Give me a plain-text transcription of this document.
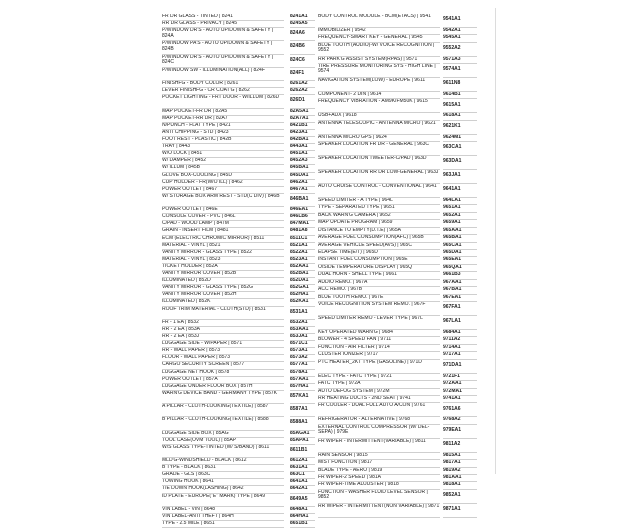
FR DR GLASS - TINTED | 8241
RR DR GLASS - PRIVACY | 8245
P/WINDOW DR'S - AUTO UP/DOWN & SAFETY | 824A
P/WINDOW PA'S - AUTO UP/DOWN & SAFETY | 824B
P/WINDOW DR'S - AUTO UP/DOWN & SAFETY | 824C
P/WINDOW SW - ILLUMINATION(ALL) | 824F
FINISHFG - BODY COLOR | 8261
LEVER FINISHFG - CR COAT'G | 8262
POCKET LIGHTING - FRT DOOR - W/ILLUM | 826D
MAP POCKET-FR DR | 82A5
MAP POCKET-RR DR | 82A7
N/PUNCH - FLAT TYPE | 8421
ANTI CHIPPING - STD | 8423
FOOT REST - PLASTIC | 842B
TRAY | 8443
W/O LOCK | 8451
W/ DAMPER | 8452
W/ ILLUM | 845B
GLOVE BOX-COOLING | 845D
CUP HOLDER - FR(W/O ILL) | 8462
POWER OUTLET | 8467
W/ STORAGE BOX ARM REST - STD(C DIV) | 846B
POWER OUTLET | 846E
CONSOLE COVER - PVC | 846L
C/PAD - WOOD LAMP | 847M
GRAIN - INSERT FILM | 8481
ECM (ELECTRIC CHROMIC MIRROR) | 8511
MATERIAL - VINYL | 8521
VANITY MIRROR - GLASS TYPE | 8522
MATERIAL - VINYL | 8523
TICKET HOLDER | 852A
VANITY MIRROR COVER | 852B
ILLUMINATED | 852D
VANITY MIRROR - GLASS TYPE | 852G
VANITY MIRROR COVER | 852H
ILLUMINATED | 852K
ROOF TRIM MATERIAL - CLOTH(STD) | 8531
FR - 1 EA | 8532
RR - 2 EA | 853A
RR - 2 EA | 853J
LUGGAGE SIDE - W/PAPER | 8571
RR - WALL PAPER | 8573
FLOOR - WALL PAPER | 8573
CARGO SECURITY SCREEN | 8577
LUGGAGE NET HOOK | 8578
POWER OUTLET | 857A
LUGGAGE UNDER FLOOR BOX | 857H
WARN'G DEVICE BAND - GERMANY TYPE | 857K
A PILLAR - CLOTH-LOOKING(TEXTILE) | 8587
B PILLAR - CLOTH-LOOKING(TEXTILE) | 8588
LUGGAGE SIDE BOX | 85AG
TOOL CASE(OVM TOOL) | 85AP
W/S GLASS TYPE-TINTED (W/ S/BAND) | 8611
MLD'G-WINDSHIELD - BLACK | 8612
B TYPE - BLACK | 8631
GRADE - GLS | 863C
TOWING HOOK | 8641
T/E DOWN HOOK(LASHING) | 8642
ID PLATE - EUROPE("E" MARK) TYPE | 8649
VIN LABEL - VIN | 8648
VIN LABEL-ANTI THEFT | 864H
TYPE - 2.5 MILE | 8651
8241A1
8245A5
824A6
824B6
824C6
824F1
8261A2
8262A2
826D1
82A5A1
82A7A1
8421B1
8423A1
842BA1
8443A1
8451A1
8452A3
845BA1
845DA1
8462A1
8467A1
846BA1
846EA1
846LB6
847MA1
8481A8
8511C1
8521A1
8522A1
8523A1
852AA1
852BA1
852DA1
852GA1
852HA1
852KA1
8531A1
8532A1
853AA1
853JA1
8571C1
8573A1
8573A2
8577A1
8578A1
857AA1
857HA1
857KA1
8587A1
8588A1
85AGA1
85APA1
8611B1
8612A1
8631A1
863C1
8641A1
8642A1
8649A5
8648A1
864HA1
8651B1
BODY CONTROL MODULE - BCM(ETACS) | 9541
IMMOBILIZER | 9542
FREQUENCY-SMART KEY - GENERAL | 9545
BLUE TOOTH (AUDIO)-W/ VOICE RECOGNITION | 9552
RR PARK'G ASSIST SYSTEM(RPAS) | 9571
TIRE PRESSURE MONITORING SYS - HIGH LINE | 9574
NAVIGATION SYSTEM(LOW) - EUROPE | 9611
COMPONENT- 2 DIN | 9614
FREQUENCY VIBRATION - AM9K/FM50K | 9615
USB+AUX | 9618
ANTENNA TELESCOPIC - ANTENNA MICRO | 9621
ANTENNA MICRO GPS | 9624
SPEAKER LOCATION FR DR - GENERAL | 963C
SPEAKER LOCATION TWEETER-C/PAD | 963D
SPEAKER LOCATION RR DR LOW-GENERAL | 963J
AUTO CRUISE CONTROL - CONVENTIONAL | 9641
SPEED LIMITER - A TYPE | 964L
TYPE - SEPARATED TYPE | 9651
BACK WARN'G CAMERA | 9652
MAP UPDATE PROGRAM | 9659
DISTANCE TO EMPTY(D.T.E) | 965A
AVERAGE FUEL CONSUMPTION(AFC) | 965B
AVERAGE VEHICLE SPEED(AVS) | 965C
ELAPSE TIME(E/T) | 965D
INSTANT FUEL CONSUMPTION | 965E
O/SIDE TEMPERATURE DISPLAY | 965Q
DUAL HORN - SHELL TYPE | 9661
AUDIO REMO. | 967A
ACC REMO. | 967B
BLUE TOOTH REMO. | 967E
VOICE RECOGNITION SYSTEM REMO. | 967F
SPEED LIMITER REMO - LEVER TYPE | 967L
KEY OPERATED WARN'G | 9684
BLOWER - 4 SPEED FAN | 9711
FUNCTION - AIR FILTER | 9714
CLUSTER IONIZER | 9717
PTC HEATER_2KT TYPE (GASOLINE) | 971D
ELEC TYPE - FATC TYPE | 9721
FATC TYPE | 972A
AUTO DEFOG SYSTEM | 972M
RR HEATING DUCTS - 2ND SEAT | 9741
FR COOLER - DUAL FULL AUTO A/CON | 9761
REFRIGERATOR - ALTERNATIVE | 9768
EXTERNAL CONTROL COMPRESSOR (W/ DEL-SEPA) | 979E
FR WIPER - INTERMITTENT(VARIABLE) | 9811
RAIN SENSOR | 9815
MIST FUNCTION | 9817
BLADE TYPE - AERO | 9819
FR WIPER-2 SPEED | 981A
FR WIPER-TIME ADJUSTER | 9818
FUNCTION - WASHER FLUID LEVEL SENSOR | 9852
RR WIPER - INTERMITTENT(NON VARIABLE) | 9871
9541A1
9542A1
9545A1
9552A2
9571A3
9574A1
9611N8
9614B1
9615A1
9618A1
9621K1
9624M1
963CA1
963DA1
963JA1
9641A1
964LA1
9651A1
9652A1
9659A1
965AA1
965BA1
965CA1
965DA1
965EA1
965QA1
9661B3
967AA1
967BA1
967EA1
967FA1
967LA1
9684A1
9711A2
9714A1
9717A1
971DA1
9721F1
972AA1
972MA1
9741A1
9761A6
9768A2
979EA1
9811A2
9815A1
9817A1
9819A2
981AA1
9818A1
9852A1
9871A1
